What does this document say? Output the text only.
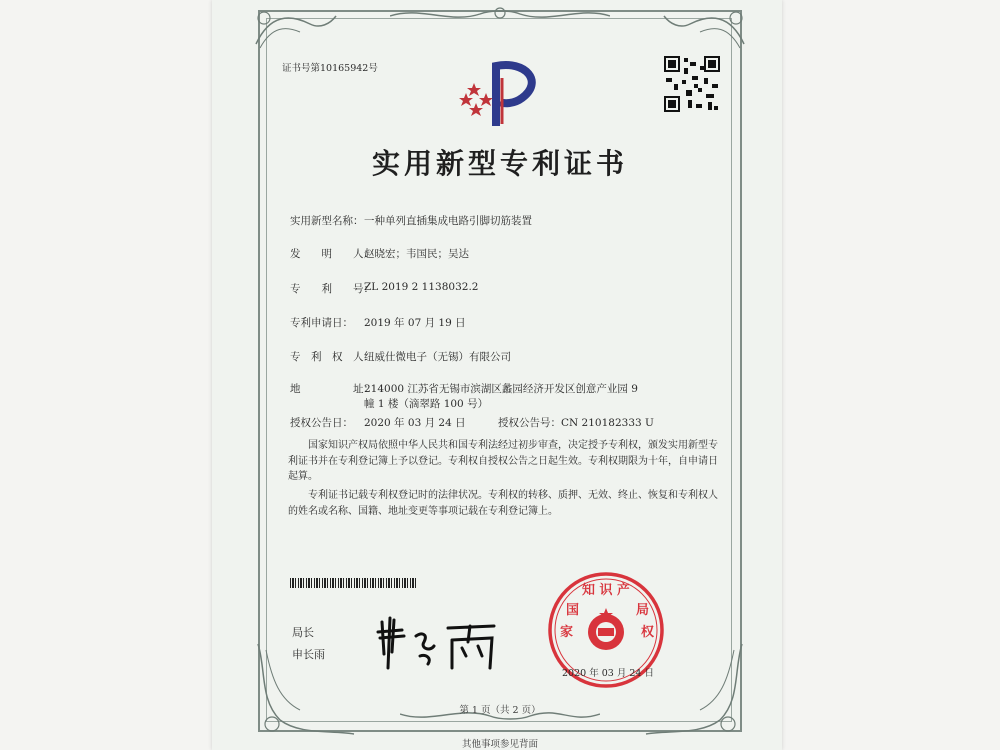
证书号第10165942号
实用新型专利证书
实用新型名称： 一种单列直插集成电路引脚切筋装置
发　　明　　人：
赵晓宏；韦国民；吴达
专　　利　　号：
ZL 2019 2 1138032.2
专利申请日： 2019 年 07 月 19 日
专　利　权　人：
纽威仕微电子（无锡）有限公司
地　　　　　址：
214000 江苏省无锡市滨湖区蠡园经济开发区创意产业园 9
幢 1 楼（滴翠路 100 号）
授权公告日： 2020 年 03 月 24 日	授权公告号：CN 210182333 U
国家知识产权局依照中华人民共和国专利法经过初步审查，决定授予专利权，颁发实用新型专利证书并在专利登记簿上予以登记。专利权自授权公告之日起生效。专利权期限为十年，自申请日起算。
专利证书记载专利权登记时的法律状况。专利权的转移、质押、无效、终止、恢复和专利权人的姓名或名称、国籍、地址变更等事项记载在专利登记簿上。
局长
申长雨
知 识 产
家	权
国	局
2020 年 03 月 24 日
第 1 页（共 2 页）
其他事项参见背面
